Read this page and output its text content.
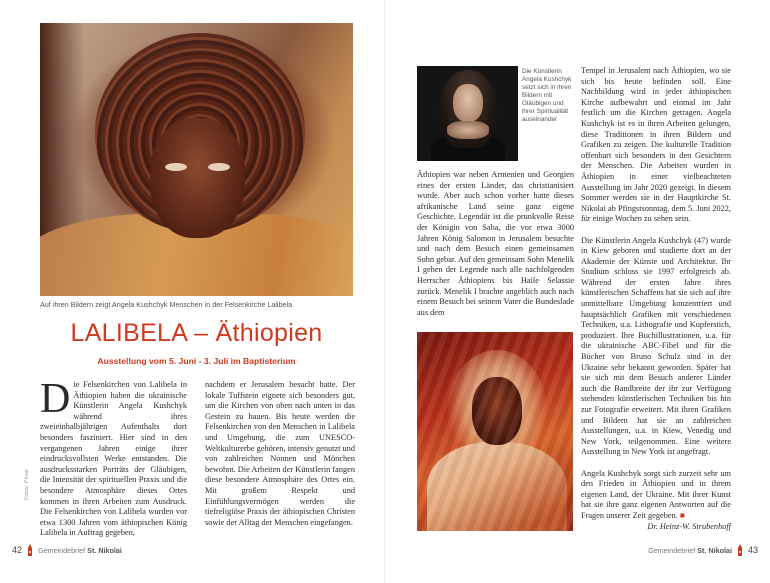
Auf ihren Bildern zeigt Angela Kushchyk Menschen in der Felsenkirche Lalibela
LALIBELA – Äthiopien
Ausstellung vom 5. Juni - 3. Juli im Baptisterium
D ie Felsenkirchen von Lalibela in Äthiopien haben die ukrainische Künstlerin Angela Kushchyk während ihres zweieinhalbjährigen Aufenthalts dort besonders fasziniert. Hier sind in den vergangenen Jahren einige ihrer eindrucksvollsten Werke entstanden. Die ausdrucksstarken Porträts der Gläubigen, die Intensität der spirituellen Praxis und die besondere Atmosphäre dieses Ortes kommen in ihren Arbeiten zum Ausdruck. Die Felsenkirchen von Lalibela wurden vor etwa 1300 Jahren vom äthiopischen König Lalibela in Auftrag gegeben,

nachdem er Jerusalem besucht hatte. Der lokale Tuffstein eignete sich besonders gut, um die Kirchen von oben nach unten in das Gestein zu hauen. Bis heute werden die Felsenkirchen von den Menschen in Lalibela und Umgebung, die zum UNESCO-Weltkulturerbe gehören, intensiv genutzt und von zahlreichen Nonnen und Mönchen bewohnt. Die Arbeiten der Künstlerin fangen diese besondere Atmosphäre des Ortes ein. Mit großem Respekt und Einfühlungsvermögen werden die tiefreligiöse Praxis der äthiopischen Christen sowie der Alltag der Menschen eingefangen.

Fotos: Privat
Die Künstlerin Angela Kushchyk setzt sich in ihren Bildern mit Gläubigen und ihrer Spiritualität auseinander

Äthiopien war neben Armenien und Georgien eines der ersten Länder, das christianisiert wurde. Aber auch schon vorher hatte dieses afrikanische Land seine ganz eigene Geschichte. Legendär ist die prunkvolle Reise der Königin von Saba, die vor etwa 3000 Jahren König Salomon in Jerusalem besuchte und nach dem Besuch einen gemeinsamen Sohn gebar. Auf den gemeinsam Sohn Menelik I gehen der Legende nach alle nachfolgenden Herrscher Äthiopiens bis Haile Selassie zurück. Menelik I brachte angeblich auch nach einem Besuch bei seinem Vater die Bundeslade aus dem

Tempel in Jerusalem nach Äthiopien, wo sie sich bis heute befinden soll. Eine Nachbildung wird in jeder äthiopischen Kirche aufbewahrt und einmal im Jahr festlich um die Kirchen getragen. Angela Kushchyk ist es in ihren Arbeiten gelungen, diese Traditionen in ihren Bildern und Grafiken zu zeigen. Die kulturelle Tradition offenbart sich besonders in den Gesichtern der Menschen. Die Arbeiten wurden in Äthiopien in einer vielbeachteten Ausstellung im Jahr 2020 gezeigt. In diesem Sommer werden sie in der Hauptkirche St. Nikolai ab Pfingstsonntag, dem 5. Juni 2022, für einige Wochen zu sehen sein.

Die Künstlerin Angela Kushchyk (47) wurde in Kiew geboren und studierte dort an der Akademie der Künste und Architektur. Ihr Studium schloss sie 1997 erfolgreich ab. Während der ersten Jahre ihres künstlerischen Schaffens hat sie sich auf ihre unmittelbare Umgebung konzentriert und hauptsächlich Grafiken mit verschiedenen Techniken, u.a. Lithografie und Kupferstich, produziert. Ihre Buchillustrationen, u.a. für die ukrainische ABC-Fibel und für die Bücher von Bruno Schulz sind in der Ukraine sehr bekannt geworden. Später hat sie sich mit dem Besuch anderer Länder auch die Bandbreite der ihr zur Verfügung stehenden künstlerischen Techniken bis hin zur Fotografie erweitert. Mit ihren Grafiken und Bildern hat sie an zahlreichen Ausstellungen, u.a. in Kiew, Venedig und New York, teilgenommen. Eine weitere Ausstellung in New York ist angefragt.

Angela Kushchyk sorgt sich zurzeit sehr um den Frieden in Äthiopien und in ihrem eigenen Land, der Ukraine. Mit ihrer Kunst hat sie ihre ganz eigenen Antworten auf die Fragen unserer Zeit gegeben. ■

Dr. Heinz-W. Strubenhoff
42 Gemeindebrief St. Nikolai	Gemeindebrief St. Nikolai 43
